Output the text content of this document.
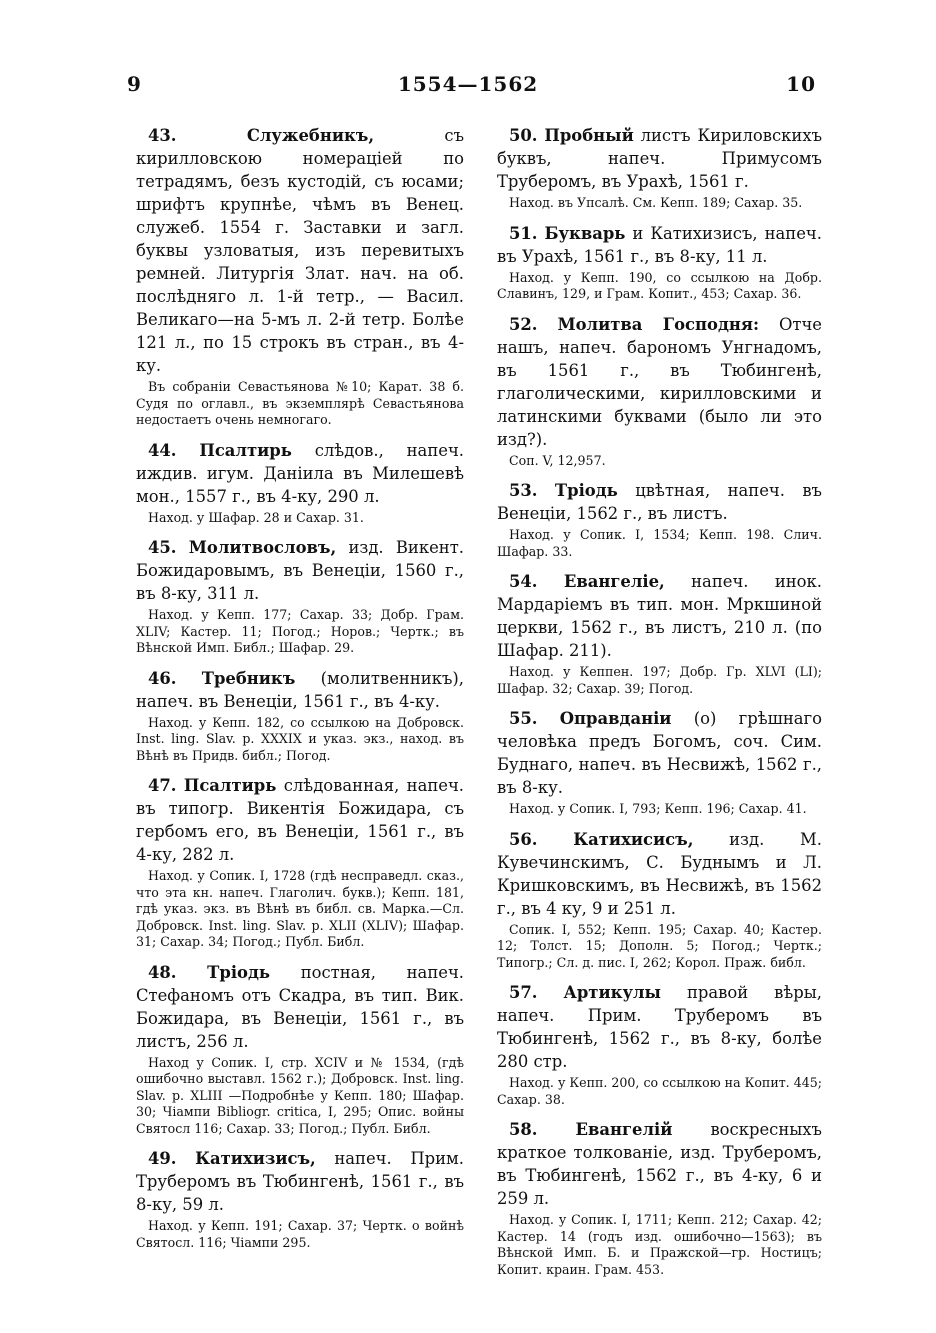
9	1554—1562	10

43.	Служебникъ,	съ кирилловскою номераціей по тетрадямъ, безъ кустодій, съ юсами; шрифтъ крупнѣе, чѣмъ въ Венец. служеб. 1554 г. Заставки и загл. буквы узловатыя, изъ перевитыхъ ремней. Литургія Злат. нач. на об. послѣдняго л. 1-й тетр., — Васил. Великаго—на 5-мъ л. 2-й тетр. Болѣе 121 л., по 15 строкъ въ стран., въ 4-ку.

Въ собраніи Севастьянова №10; Карат. 38 б. Судя по оглавл., въ экземплярѣ Севастьянова недостаетъ очень немногаго.

44. Псалтирь слѣдов., напеч. иждив. игум. Даніила въ Милешевѣ мон., 1557 г., въ 4-ку, 290 л.

Наход. у Шафар. 28 и Сахар. 31.

45. Молитвословъ, изд. Викент. Божидаровымъ, въ Венеціи, 1560 г., въ 8-ку, 311 л.

Наход. у Кепп. 177; Сахар. 33; Добр. Грам. XLIV; Кастер. 11; Погод.; Норов.; Чертк.; въ Вѣнской Имп. Библ.; Шафар. 29.

46. Требникъ (молитвенникъ), напеч. въ Венеціи, 1561 г., въ 4-ку.

Наход. у Кепп. 182, со ссылкою на Добровск. Inst. ling. Slav. p. XXXIX и указ. экз., наход. въ Вѣнѣ въ Придв. библ.; Погод.

47. Псалтирь слѣдованная, напеч. въ типогр. Викентія Божидара, съ гербомъ его, въ Венеціи, 1561 г., въ 4-ку, 282 л.

Наход. у Сопик. I, 1728 (гдѣ несправедл. сказ., что эта кн. напеч. Глаголич. букв.); Кепп. 181, гдѣ указ. экз. въ Вѣнѣ въ библ. св. Марка.—Сл. Добровск. Inst. ling. Slav. p. XLII (XLIV); Шафар. 31; Сахар. 34; Погод.; Публ. Библ.

48. Тріодь постная, напеч. Стефаномъ отъ Скадра, въ тип. Вик. Божидара, въ Венеціи, 1561 г., въ листъ, 256 л.

Наход у Сопик. I, стр. XCIV и № 1534, (гдѣ ошибочно выставл. 1562 г.); Добровск. Inst. ling. Slav. p. XLIII —Подробнѣе у Кепп. 180; Шафар. 30; Чіампи Bibliogr. critica, I, 295; Опис. войны Святосл 116; Сахар. 33; Погод.; Публ. Библ.

49. Катихизисъ, напеч. Прим. Труберомъ въ Тюбингенѣ, 1561 г., въ 8-ку, 59 л.

Наход. у Кепп. 191; Сахар. 37; Чертк. о войнѣ Святосл. 116; Чіампи 295.

50. Пробный листъ Кириловскихъ буквъ, напеч. Примусомъ Труберомъ, въ Урахѣ, 1561 г.

Наход. въ Упсалѣ. См. Кепп. 189; Сахар. 35.

51. Букварь и Катихизисъ, напеч. въ Урахѣ, 1561 г., въ 8-ку, 11 л.

Наход. у Кепп. 190, со ссылкою на Добр. Славинъ, 129, и Грам. Копит., 453; Сахар. 36.

52. Молитва Господня: Отче нашъ, напеч. барономъ Унгнадомъ, въ 1561 г., въ Тюбингенѣ, глаголическими, кирилловскими и латинскими буквами (было ли это изд?).

Соп. V, 12,957.

53. Тріодь цвѣтная, напеч. въ Венеціи, 1562 г., въ листъ.

Наход. у Сопик. I, 1534; Кепп. 198. Слич. Шафар. 33.

54. Евангеліе, напеч. инок. Мардаріемъ въ тип. мон. Мркшиной церкви, 1562 г., въ листъ, 210 л. (по Шафар. 211).

Наход. у Кеппен. 197; Добр. Гр. XLVI (LI); Шафар. 32; Сахар. 39; Погод.

55. Оправданіи (о) грѣшнаго человѣка предъ Богомъ, соч. Сим. Буднаго, напеч. въ Несвижѣ, 1562 г., въ 8-ку.

Наход. у Сопик. I, 793; Кепп. 196; Сахар. 41.

56. Катихисисъ, изд. М. Кувечинскимъ, С. Буднымъ и Л. Кришковскимъ, въ Несвижѣ, въ 1562 г., въ 4 ку, 9 и 251 л.

Сопик. I, 552; Кепп. 195; Сахар. 40; Кастер. 12; Толст. 15; Дополн. 5; Погод.; Чертк.; Типогр.; Сл. д. пис. I, 262; Корол. Праж. библ.

57. Артикулы правой вѣры, напеч. Прим. Труберомъ въ Тюбингенѣ, 1562 г., въ 8-ку, болѣе 280 стр.

Наход. у Кепп. 200, со ссылкою на Копит. 445; Сахар. 38.

58. Евангелій воскресныхъ краткое толкованіе, изд. Труберомъ, въ Тюбингенѣ, 1562 г., въ 4-ку, 6 и 259 л.

Наход. у Сопик. I, 1711; Кепп. 212; Сахар. 42; Кастер. 14 (годъ изд. ошибочно—1563); въ Вѣнской Имп. Б. и Пражской—гр. Ностицъ; Копит. краин. Грам. 453.
